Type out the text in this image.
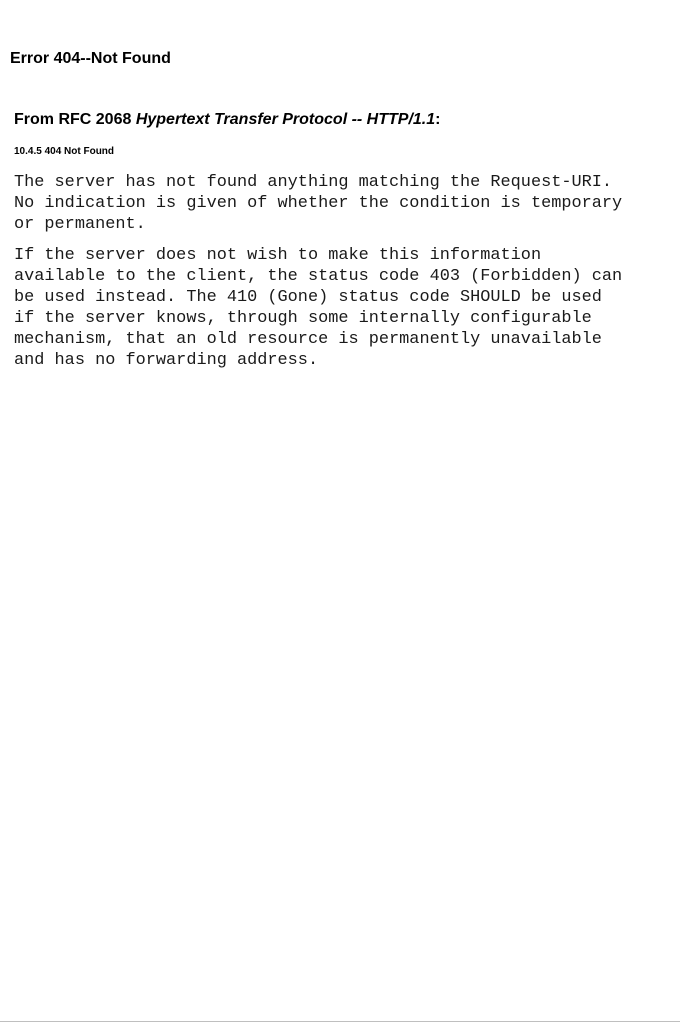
Error 404--Not Found
From RFC 2068 Hypertext Transfer Protocol -- HTTP/1.1:
10.4.5 404 Not Found
The server has not found anything matching the Request-URI.
No indication is given of whether the condition is temporary
or permanent.
If the server does not wish to make this information
available to the client, the status code 403 (Forbidden) can
be used instead. The 410 (Gone) status code SHOULD be used
if the server knows, through some internally configurable
mechanism, that an old resource is permanently unavailable
and has no forwarding address.
